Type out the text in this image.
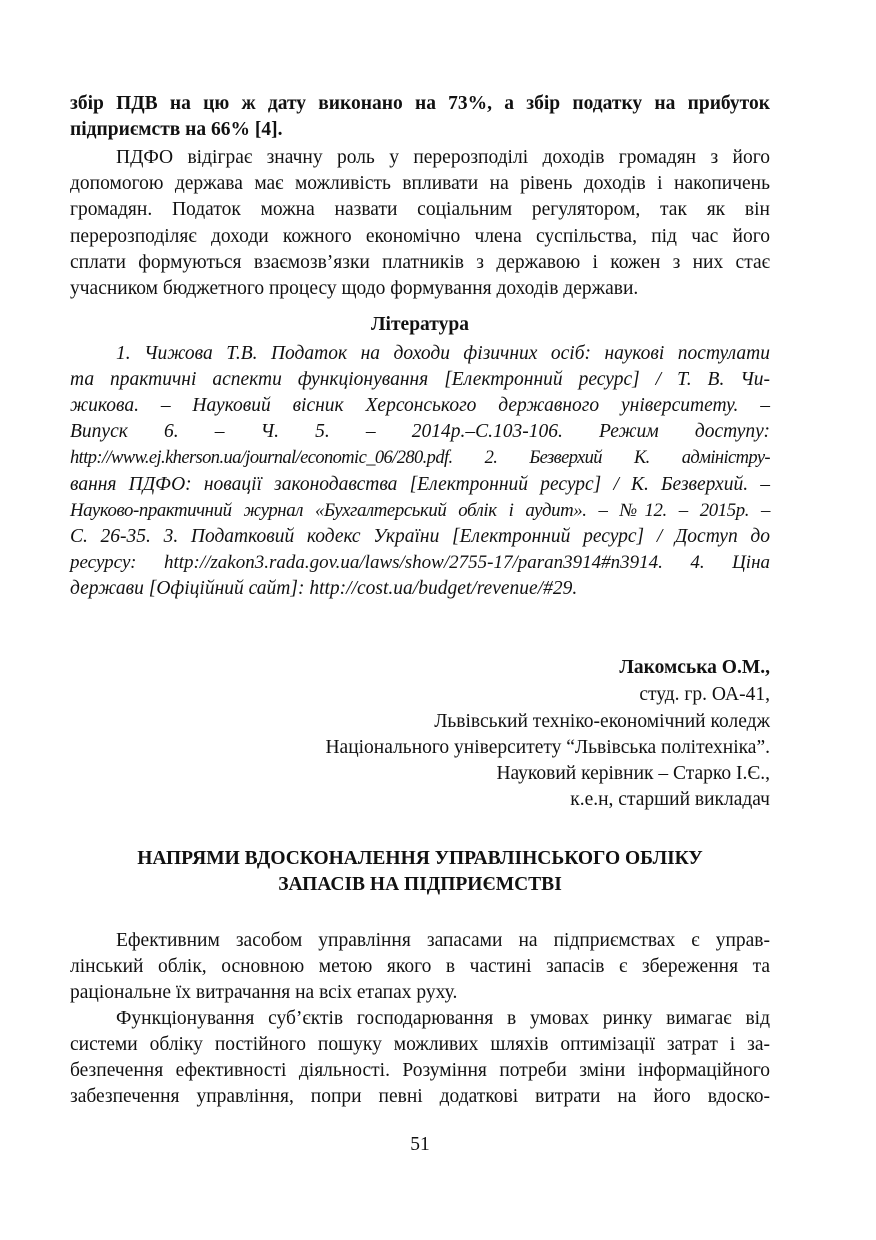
збір ПДВ на цю ж дату виконано на 73%, а збір податку на прибуток
підприємств на 66% [4].
ПДФО відіграє значну роль у перерозподілі доходів громадян з його
допомогою держава має можливість впливати на рівень доходів і накопичень
громадян. Податок можна назвати соціальним регулятором, так як він
перерозподіляє доходи кожного економічно члена суспільства, під час його
сплати формуються взаємозв’язки платників з державою і кожен з них стає
учасником бюджетного процесу щодо формування доходів держави.
Література
1. Чижова Т.В. Податок на доходи фізичних осіб: наукові постулати
та практичні аспекти функціонування [Електронний ресурс] / Т. В. Чи-
жикова. – Науковий вісник Херсонського державного університету. –
Випуск 6. – Ч. 5. – 2014р.–С.103-106. Режим доступу:
http://www.ej.kherson.ua/journal/economic_06/280.pdf. 2. Безверхий К. адміністру-
вання ПДФО: новації законодавства [Електронний ресурс] / К. Безверхий. –
Науково-практичний журнал «Бухгалтерський облік і аудит». – №12. – 2015р. –
С. 26-35. 3. Податковий кодекс України [Електронний ресурс] / Доступ до
ресурсу: http://zakon3.rada.gov.ua/laws/show/2755-17/paran3914#n3914. 4. Ціна
держави [Офіційний сайт]: http://cost.ua/budget/revenue/#29.
Лакомська О.М.,
студ. гр. ОА-41,
Львівський техніко-економічний коледж
Національного університету “Львівська політехніка”.
Науковий керівник – Старко І.Є.,
к.е.н, старший викладач
НАПРЯМИ ВДОСКОНАЛЕННЯ УПРАВЛІНСЬКОГО ОБЛІКУ
ЗАПАСІВ НА ПІДПРИЄМСТВІ
Ефективним засобом управління запасами на підприємствах є управ-
лінський облік, основною метою якого в частині запасів є збереження та
раціональне їх витрачання на всіх етапах руху.
Функціонування суб’єктів господарювання в умовах ринку вимагає від
системи обліку постійного пошуку можливих шляхів оптимізації затрат і за-
безпечення ефективності діяльності. Розуміння потреби зміни інформаційного
забезпечення управління, попри певні додаткові витрати на його вдоско-
51
